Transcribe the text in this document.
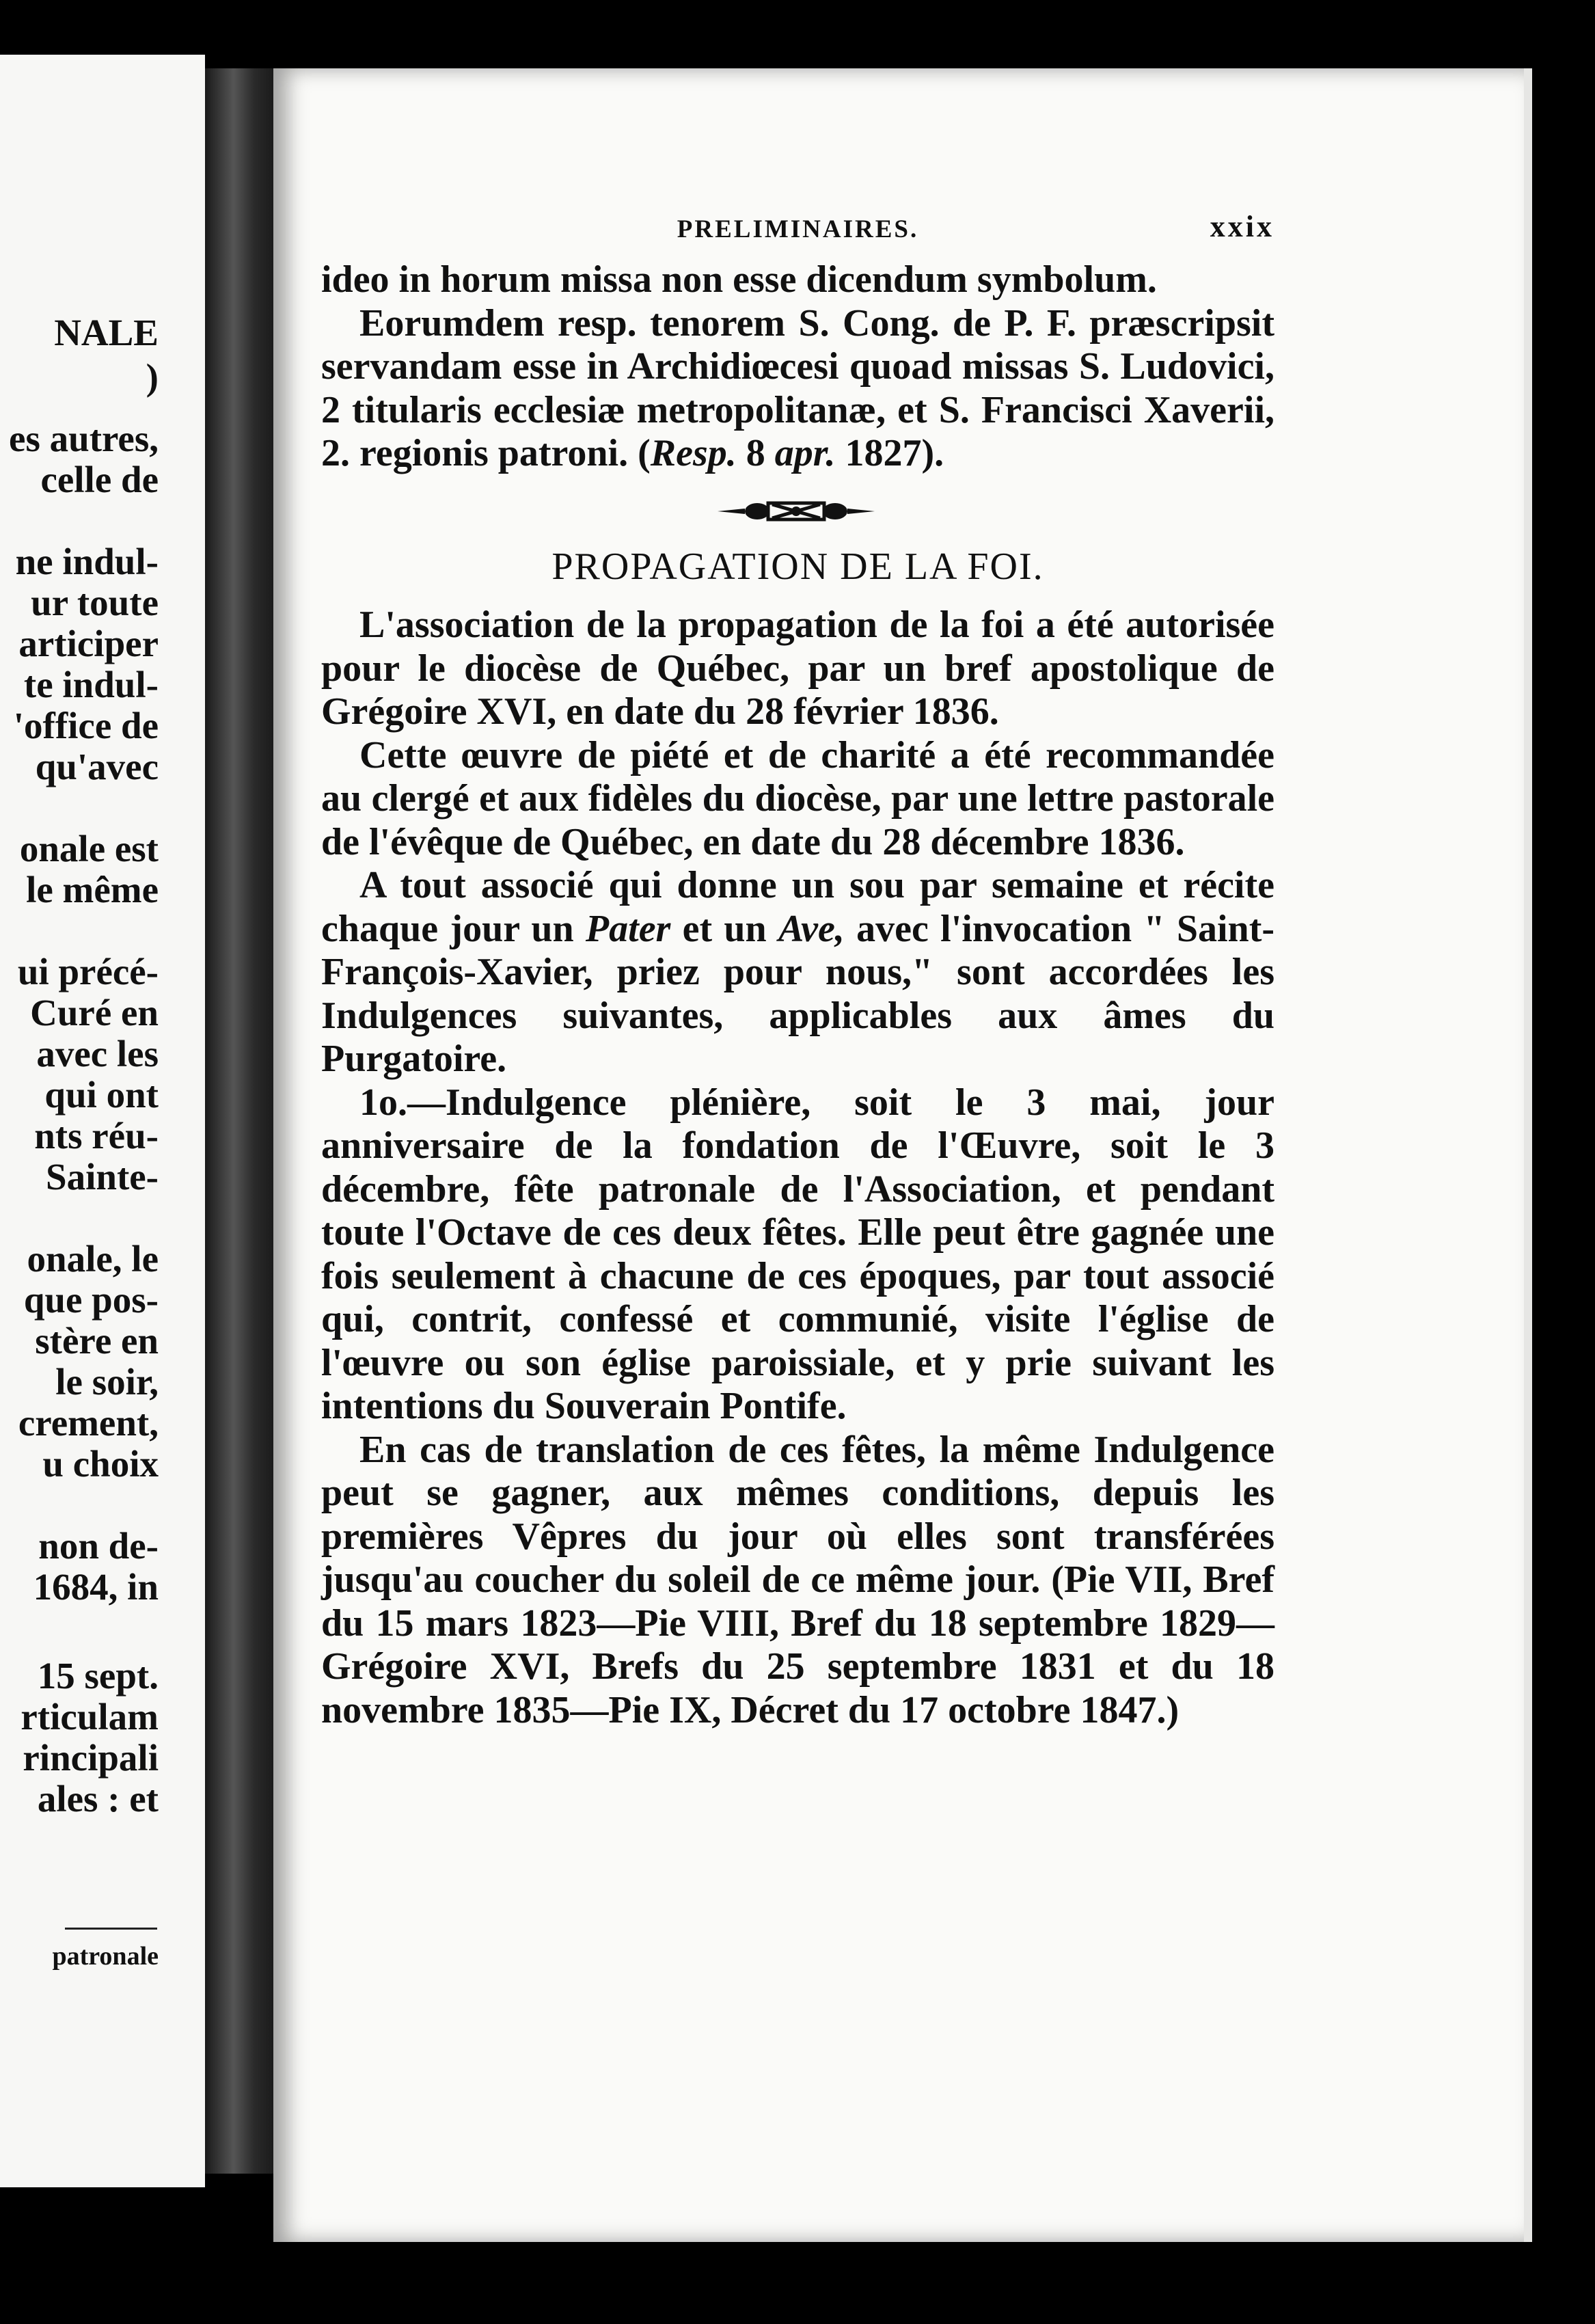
NALE
)
es autres,
celle de
ne indul-
ur toute
articiper
te indul-
'office de
qu'avec
onale est
le même
ui précé-
Curé en
avec les
qui ont
nts réu-
Sainte-
onale, le
que pos-
stère en
le soir,
crement,
u choix
non de-
1684, in
15 sept.
rticulam
rincipali
ales : et
patronale
PRELIMINAIRES.	xxix

ideo in horum missa non esse dicendum symbolum.

Eorumdem resp. tenorem S. Cong. de P. F. præscripsit servandam esse in Archidiœcesi quoad missas S. Ludovici, 2 titularis ecclesiæ metropolitanæ, et S. Francisci Xaverii, 2. regionis patroni. (Resp. 8 apr. 1827).

PROPAGATION DE LA FOI.

L'association de la propagation de la foi a été autorisée pour le diocèse de Québec, par un bref apostolique de Grégoire XVI, en date du 28 février 1836.

Cette œuvre de piété et de charité a été recommandée au clergé et aux fidèles du diocèse, par une lettre pastorale de l'évêque de Québec, en date du 28 décembre 1836.

A tout associé qui donne un sou par semaine et récite chaque jour un Pater et un Ave, avec l'invocation " Saint-François-Xavier, priez pour nous," sont accordées les Indulgences suivantes, applicables aux âmes du Purgatoire.

1o.—Indulgence plénière, soit le 3 mai, jour anniversaire de la fondation de l'Œuvre, soit le 3 décembre, fête patronale de l'Association, et pendant toute l'Octave de ces deux fêtes. Elle peut être gagnée une fois seulement à chacune de ces époques, par tout associé qui, contrit, confessé et communié, visite l'église de l'œuvre ou son église paroissiale, et y prie suivant les intentions du Souverain Pontife.

En cas de translation de ces fêtes, la même Indulgence peut se gagner, aux mêmes conditions, depuis les premières Vêpres du jour où elles sont transférées jusqu'au coucher du soleil de ce même jour. (Pie VII, Bref du 15 mars 1823—Pie VIII, Bref du 18 septembre 1829—Grégoire XVI, Brefs du 25 septembre 1831 et du 18 novembre 1835—Pie IX, Décret du 17 octobre 1847.)
